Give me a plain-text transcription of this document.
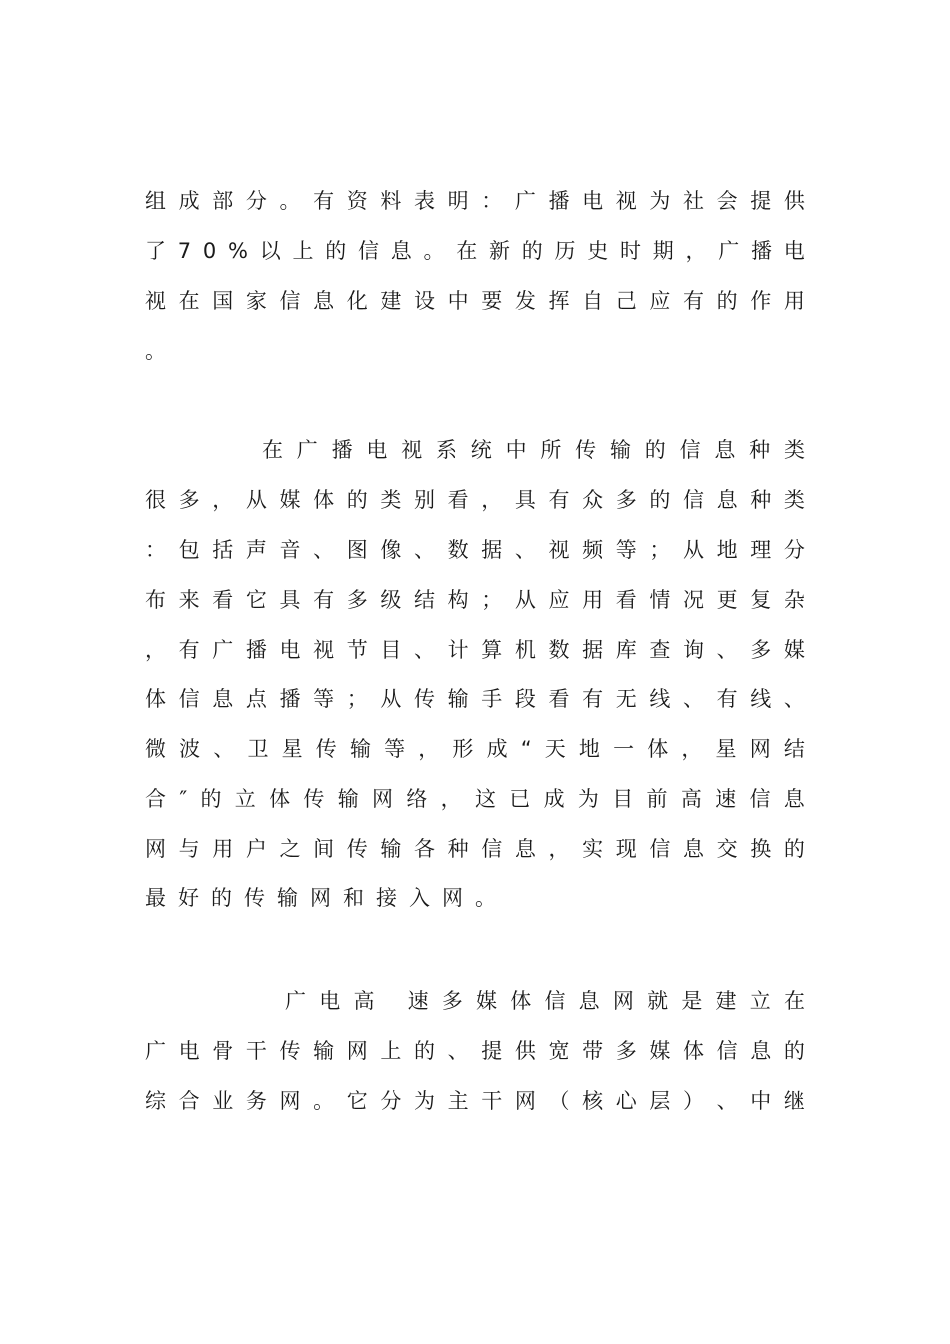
组 成 部 分 。 有 资 料 表 明 ： 广 播 电 视 为 社 会 提 供
了 7 0 % 以 上 的 信 息 。 在 新 的 历 史 时 期 ， 广 播 电
视 在 国 家 信 息 化 建 设 中 要 发 挥 自 己 应 有 的 作 用
。
在 广 播 电 视 系 统 中 所 传 输 的 信 息 种 类
很 多 ， 从 媒 体 的 类 别 看 ， 具 有 众 多 的 信 息 种 类
： 包 括 声 音 、 图 像 、 数 据 、 视 频 等 ； 从 地 理 分
布 来 看 它 具 有 多 级 结 构 ； 从 应 用 看 情 况 更 复 杂
， 有 广 播 电 视 节 目 、 计 算 机 数 据 库 查 询 、 多 媒
体 信 息 点 播 等 ； 从 传 输 手 段 看 有 无 线 、 有 线 、
微 波 、 卫 星 传 输 等 ， 形 成 “ 天 地 一 体 ， 星 网 结
合 ″ 的 立 体 传 输 网 络 ， 这 已 成 为 目 前 高 速 信 息
网 与 用 户 之 间 传 输 各 种 信 息 ， 实 现 信 息 交 换 的
最 好 的 传 输 网 和 接 入 网 。
广 电 高
速 多 媒 体 信 息 网 就 是 建 立 在
广 电 骨 干 传 输 网 上 的 、 提 供 宽 带 多 媒 体 信 息 的
综 合 业 务 网 。 它 分 为 主 干 网 （ 核 心 层 ） 、 中 继
